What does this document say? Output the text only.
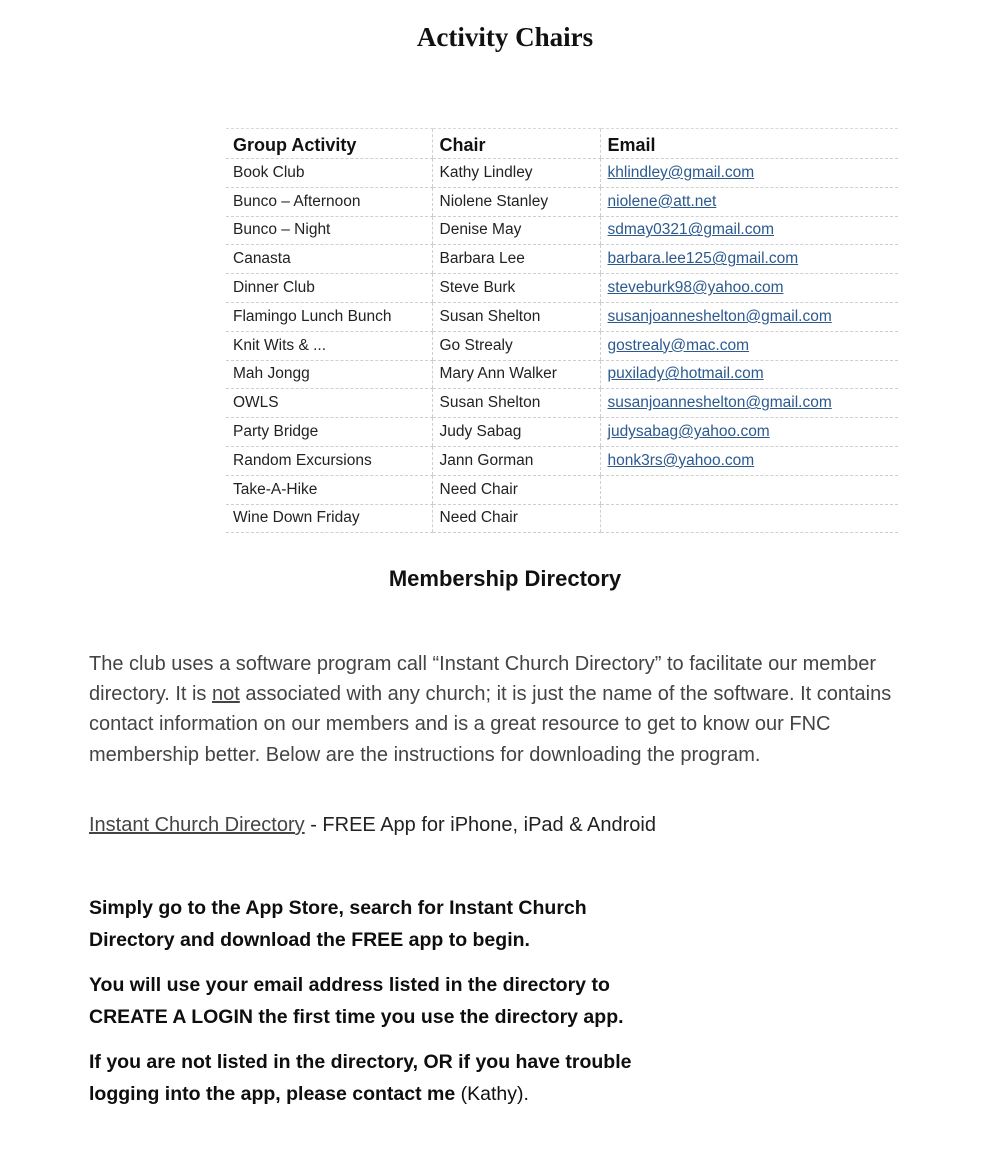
Activity Chairs
Group Activity	Chair	Email
Book Club	Kathy Lindley	khlindley@gmail.com
Bunco – Afternoon	Niolene Stanley	niolene@att.net
Bunco – Night	Denise May	sdmay0321@gmail.com
Canasta	Barbara Lee	barbara.lee125@gmail.com
Dinner Club	Steve Burk	steveburk98@yahoo.com
Flamingo Lunch Bunch	Susan Shelton	susanjoanneshelton@gmail.com
Knit Wits & ...	Go Strealy	gostrealy@mac.com
Mah Jongg	Mary Ann Walker	puxilady@hotmail.com
OWLS	Susan Shelton	susanjoanneshelton@gmail.com
Party Bridge	Judy Sabag	judysabag@yahoo.com
Random Excursions	Jann Gorman	honk3rs@yahoo.com
Take-A-Hike	Need Chair	
Wine Down Friday	Need Chair	
Membership Directory

The club uses a software program call “Instant Church Directory” to facilitate our member directory. It is not associated with any church; it is just the name of the software. It contains contact information on our members and is a great resource to get to know our FNC membership better. Below are the instructions for downloading the program.

Instant Church Directory - FREE App for iPhone, iPad & Android

Simply go to the App Store, search for Instant Church Directory and download the FREE app to begin.

You will use your email address listed in the directory to CREATE A LOGIN the first time you use the directory app.

If you are not listed in the directory, OR if you have trouble logging into the app, please contact me (Kathy).
